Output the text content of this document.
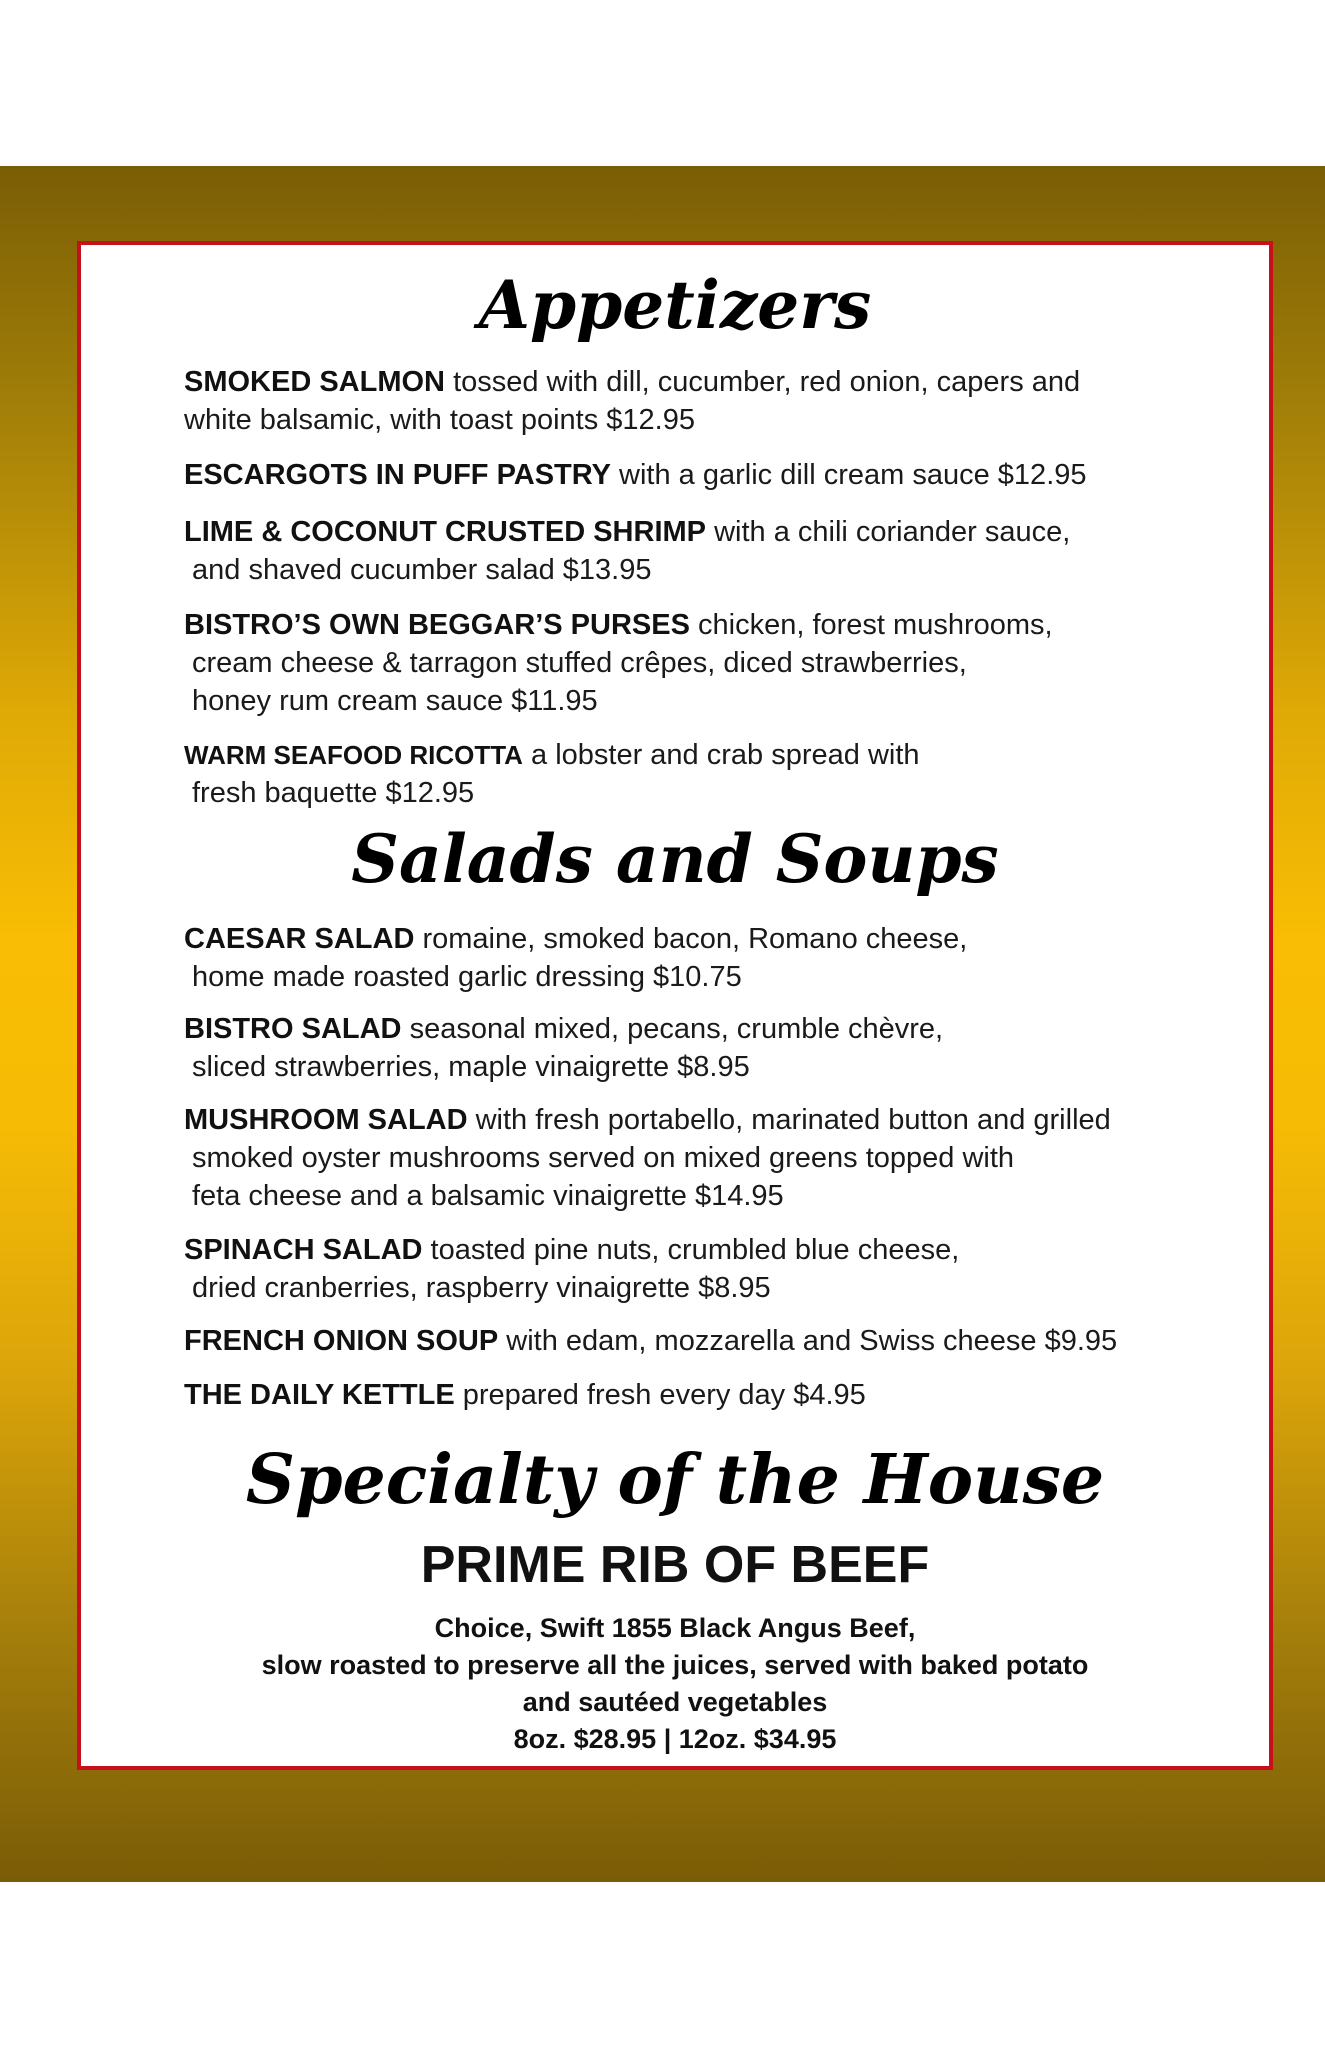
Appetizers
SMOKED SALMON tossed with dill, cucumber, red onion, capers and
white balsamic, with toast points $12.95
ESCARGOTS IN PUFF PASTRY with a garlic dill cream sauce $12.95
LIME & COCONUT CRUSTED SHRIMP with a chili coriander sauce,
and shaved cucumber salad $13.95
BISTRO’S OWN BEGGAR’S PURSES chicken, forest mushrooms,
cream cheese & tarragon stuffed crêpes, diced strawberries,
honey rum cream sauce $11.95
WARM SEAFOOD RICOTTA a lobster and crab spread with
fresh baquette $12.95
Salads and Soups
CAESAR SALAD romaine, smoked bacon, Romano cheese,
home made roasted garlic dressing $10.75
BISTRO SALAD seasonal mixed, pecans, crumble chèvre,
sliced strawberries, maple vinaigrette $8.95
MUSHROOM SALAD with fresh portabello, marinated button and grilled
smoked oyster mushrooms served on mixed greens topped with
feta cheese and a balsamic vinaigrette $14.95
SPINACH SALAD toasted pine nuts, crumbled blue cheese,
dried cranberries, raspberry vinaigrette $8.95
FRENCH ONION SOUP with edam, mozzarella and Swiss cheese $9.95
THE DAILY KETTLE prepared fresh every day $4.95
Specialty of the House
PRIME RIB OF BEEF
Choice, Swift 1855 Black Angus Beef,
slow roasted to preserve all the juices, served with baked potato
and sautéed vegetables
8oz. $28.95 | 12oz. $34.95
